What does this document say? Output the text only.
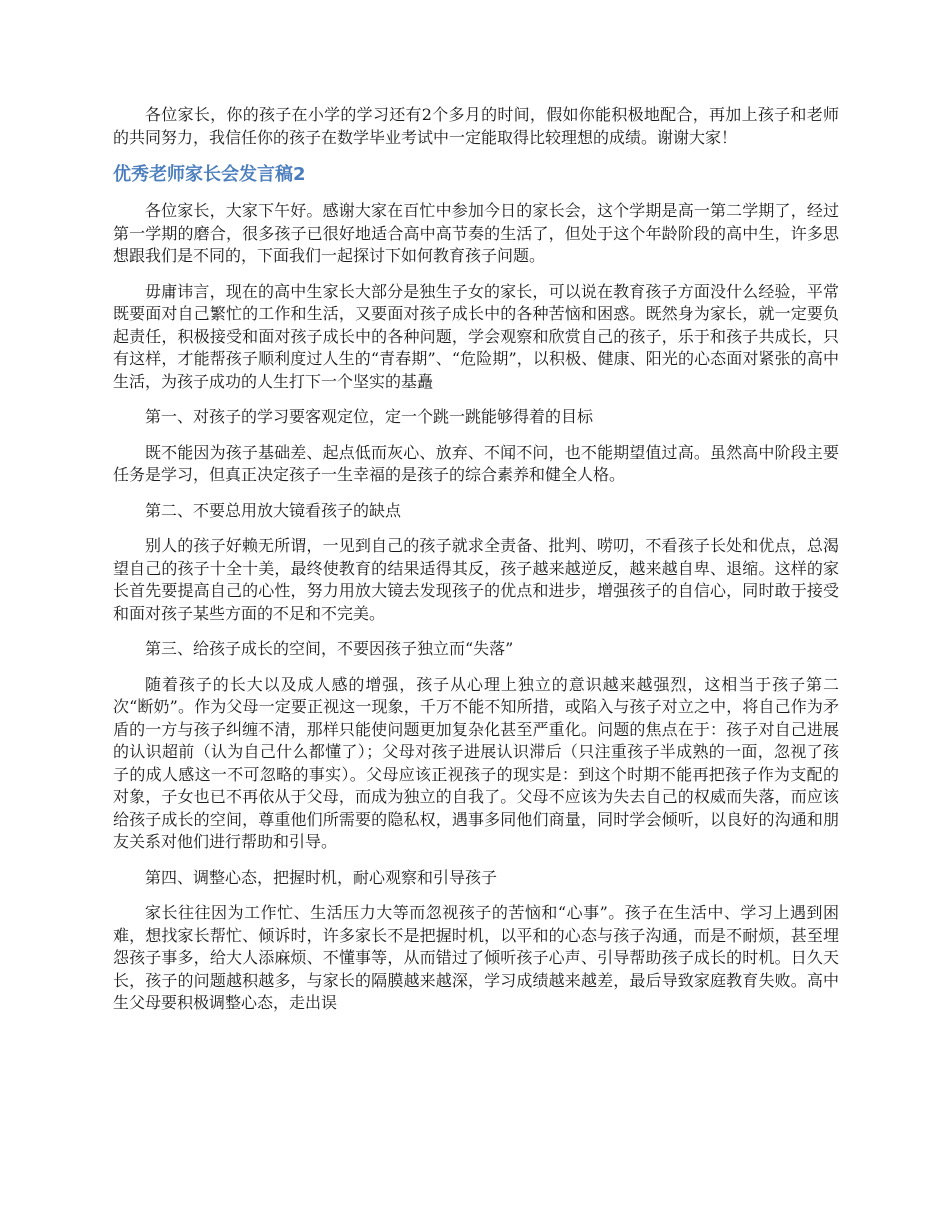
各位家长，你的孩子在小学的学习还有2个多月的时间，假如你能积极地配合，再加上孩子和老师的共同努力，我信任你的孩子在数学毕业考试中一定能取得比较理想的成绩。谢谢大家！

优秀老师家长会发言稿2

各位家长，大家下午好。感谢大家在百忙中参加今日的家长会，这个学期是高一第二学期了，经过第一学期的磨合，很多孩子已很好地适合高中高节奏的生活了，但处于这个年龄阶段的高中生，许多思想跟我们是不同的，下面我们一起探讨下如何教育孩子问题。

毋庸讳言，现在的高中生家长大部分是独生子女的家长，可以说在教育孩子方面没什么经验，平常既要面对自己繁忙的工作和生活，又要面对孩子成长中的各种苦恼和困惑。既然身为家长，就一定要负起责任，积极接受和面对孩子成长中的各种问题，学会观察和欣赏自己的孩子，乐于和孩子共成长，只有这样，才能帮孩子顺利度过人生的“青春期”、“危险期”，以积极、健康、阳光的心态面对紧张的高中生活，为孩子成功的人生打下一个坚实的基矗

第一、对孩子的学习要客观定位，定一个跳一跳能够得着的目标

既不能因为孩子基础差、起点低而灰心、放弃、不闻不问，也不能期望值过高。虽然高中阶段主要任务是学习，但真正决定孩子一生幸福的是孩子的综合素养和健全人格。

第二、不要总用放大镜看孩子的缺点

别人的孩子好赖无所谓，一见到自己的孩子就求全责备、批判、唠叨，不看孩子长处和优点，总渴望自己的孩子十全十美，最终使教育的结果适得其反，孩子越来越逆反，越来越自卑、退缩。这样的家长首先要提高自己的心性，努力用放大镜去发现孩子的优点和进步，增强孩子的自信心，同时敢于接受和面对孩子某些方面的不足和不完美。

第三、给孩子成长的空间，不要因孩子独立而“失落”

随着孩子的长大以及成人感的增强，孩子从心理上独立的意识越来越强烈，这相当于孩子第二次“断奶”。作为父母一定要正视这一现象，千万不能不知所措，或陷入与孩子对立之中，将自己作为矛盾的一方与孩子纠缠不清，那样只能使问题更加复杂化甚至严重化。问题的焦点在于：孩子对自己进展的认识超前（认为自己什么都懂了）；父母对孩子进展认识滞后（只注重孩子半成熟的一面，忽视了孩子的成人感这一不可忽略的事实）。父母应该正视孩子的现实是：到这个时期不能再把孩子作为支配的对象，子女也已不再依从于父母，而成为独立的自我了。父母不应该为失去自己的权威而失落，而应该给孩子成长的空间，尊重他们所需要的隐私权，遇事多同他们商量，同时学会倾听，以良好的沟通和朋友关系对他们进行帮助和引导。

第四、调整心态，把握时机，耐心观察和引导孩子

家长往往因为工作忙、生活压力大等而忽视孩子的苦恼和“心事”。孩子在生活中、学习上遇到困难，想找家长帮忙、倾诉时，许多家长不是把握时机，以平和的心态与孩子沟通，而是不耐烦，甚至埋怨孩子事多，给大人添麻烦、不懂事等，从而错过了倾听孩子心声、引导帮助孩子成长的时机。日久天长，孩子的问题越积越多，与家长的隔膜越来越深，学习成绩越来越差，最后导致家庭教育失败。高中生父母要积极调整心态，走出误
